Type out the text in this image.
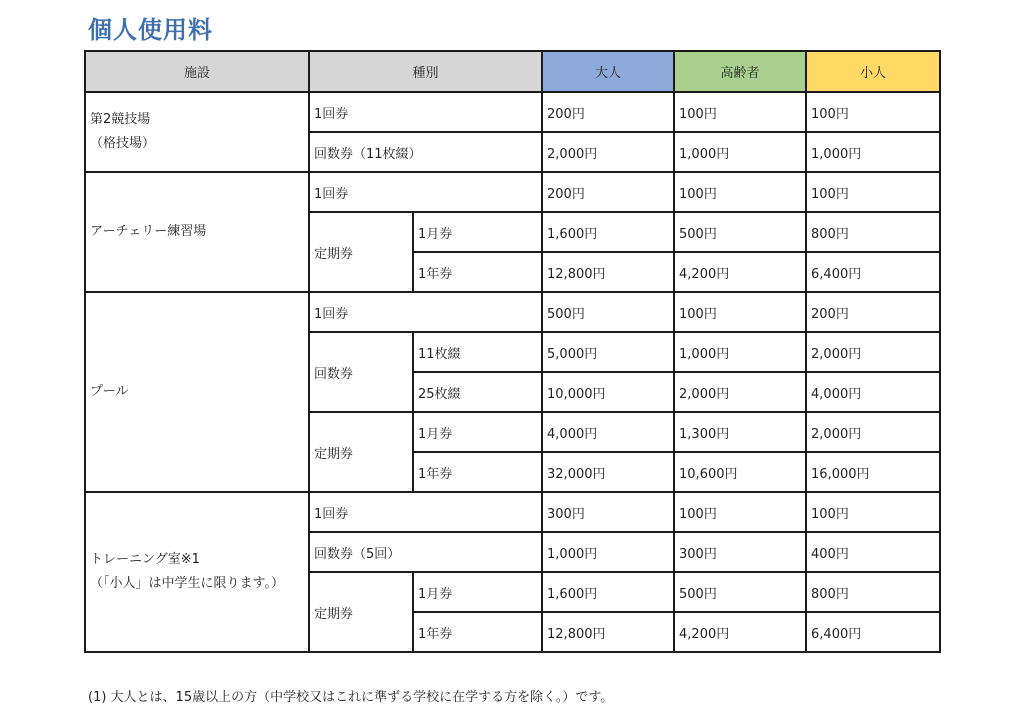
個人使用料
施設	種別		大人	高齢者	小人
第2競技場
（格技場）	1回券		200円	100円	100円
	回数券（11枚綴）		2,000円	1,000円	1,000円
アーチェリー練習場	1回券		200円	100円	100円
	定期券	1月券	1,600円	500円	800円
		1年券	12,800円	4,200円	6,400円
プール	1回券		500円	100円	200円
	回数券	11枚綴	5,000円	1,000円	2,000円
		25枚綴	10,000円	2,000円	4,000円
	定期券	1月券	4,000円	1,300円	2,000円
		1年券	32,000円	10,600円	16,000円
トレーニング室※1
（「小人」は中学生に限ります。）	1回券		300円	100円	100円
	回数券（5回）		1,000円	300円	400円
	定期券	1月券	1,600円	500円	800円
		1年券	12,800円	4,200円	6,400円
(1) 大人とは、15歳以上の方（中学校又はこれに準ずる学校に在学する方を除く。）です。
